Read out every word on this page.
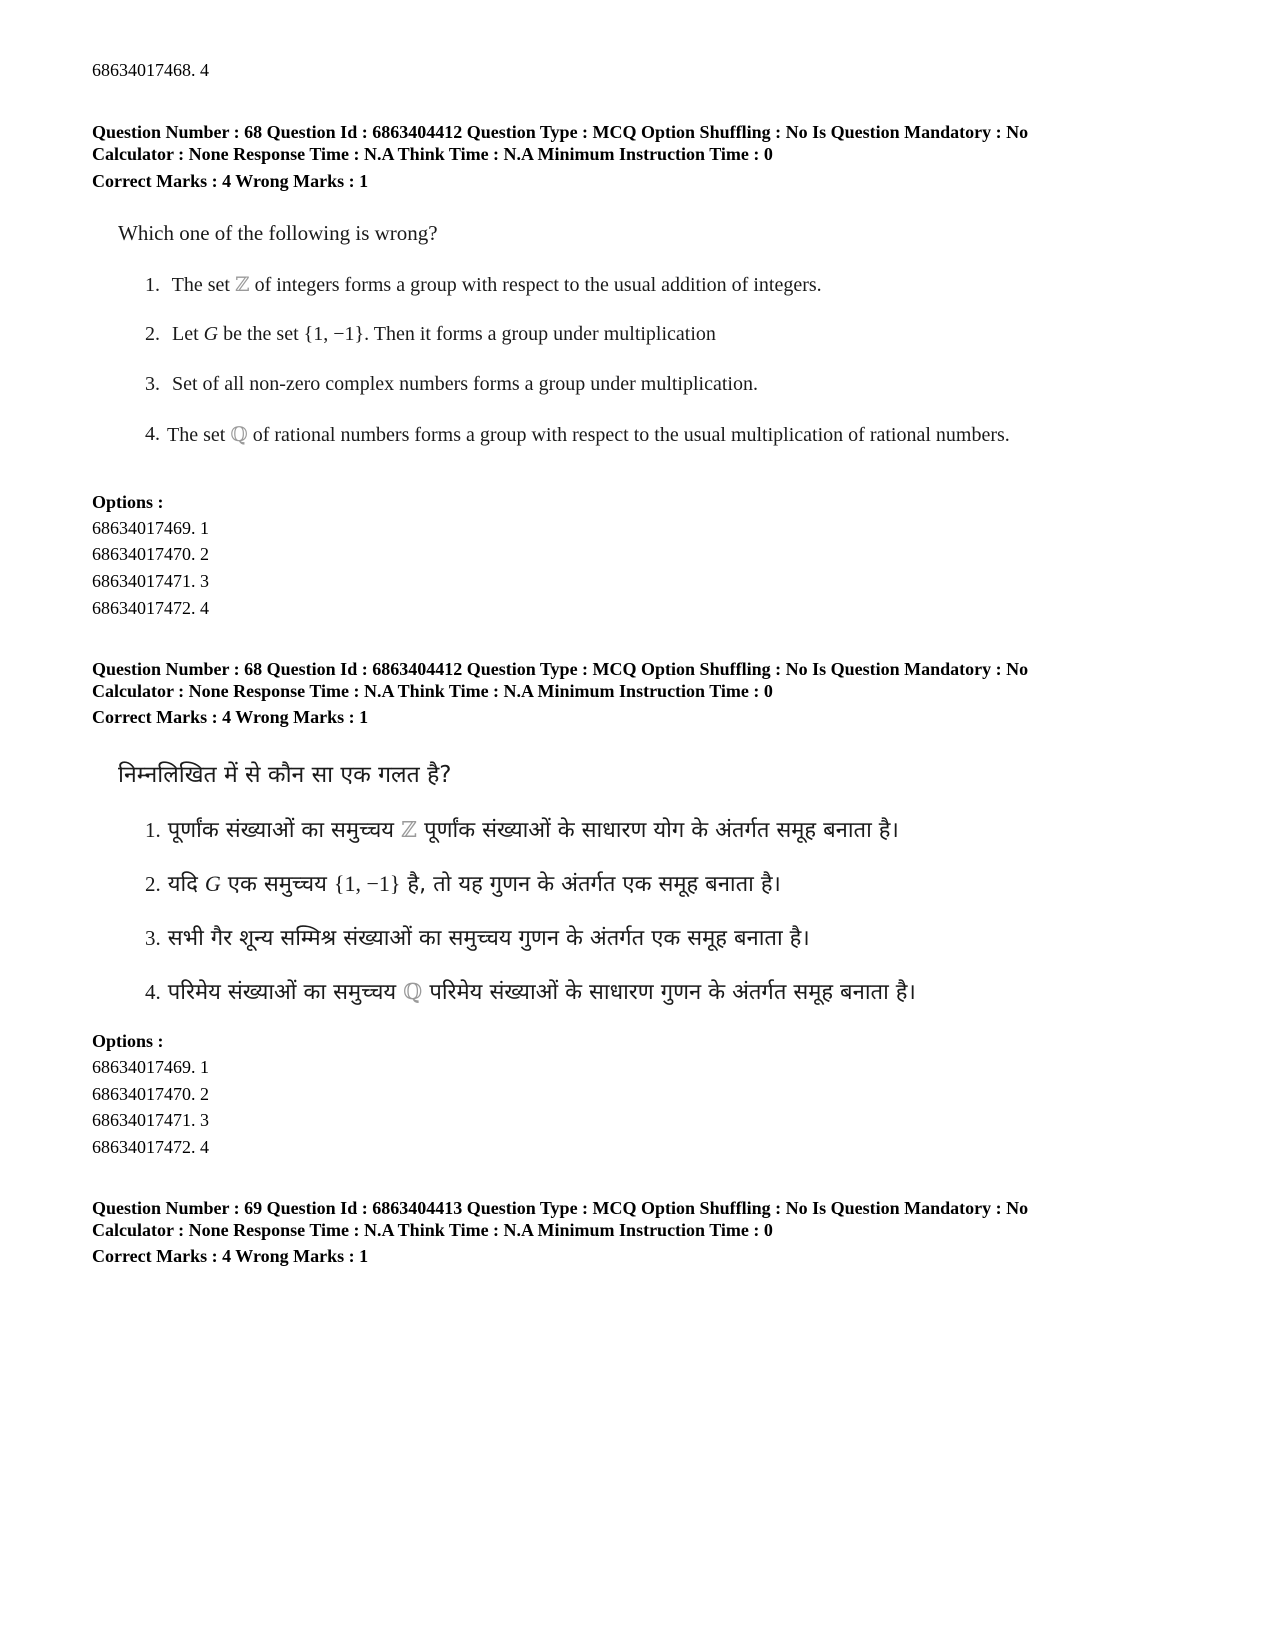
68634017468. 4
Question Number : 68 Question Id : 6863404412 Question Type : MCQ Option Shuffling : No Is Question Mandatory : No
Calculator : None Response Time : N.A Think Time : N.A Minimum Instruction Time : 0
Correct Marks : 4 Wrong Marks : 1
Which one of the following is wrong?
1. The set ℤ of integers forms a group with respect to the usual addition of integers.
2. Let G be the set {1, −1}. Then it forms a group under multiplication
3. Set of all non-zero complex numbers forms a group under multiplication.
4. The set ℚ of rational numbers forms a group with respect to the usual multiplication of rational numbers.
Options :
68634017469. 1
68634017470. 2
68634017471. 3
68634017472. 4
Question Number : 68 Question Id : 6863404412 Question Type : MCQ Option Shuffling : No Is Question Mandatory : No
Calculator : None Response Time : N.A Think Time : N.A Minimum Instruction Time : 0
Correct Marks : 4 Wrong Marks : 1
निम्नलिखित में से कौन सा एक गलत है?
1. पूर्णांक संख्याओं का समुच्चय ℤ पूर्णांक संख्याओं के साधारण योग के अंतर्गत समूह बनाता है।
2. यदि G एक समुच्चय {1, −1} है, तो यह गुणन के अंतर्गत एक समूह बनाता है।
3. सभी गैर शून्य सम्मिश्र संख्याओं का समुच्चय गुणन के अंतर्गत एक समूह बनाता है।
4. परिमेय संख्याओं का समुच्चय ℚ परिमेय संख्याओं के साधारण गुणन के अंतर्गत समूह बनाता है।
Options :
68634017469. 1
68634017470. 2
68634017471. 3
68634017472. 4
Question Number : 69 Question Id : 6863404413 Question Type : MCQ Option Shuffling : No Is Question Mandatory : No
Calculator : None Response Time : N.A Think Time : N.A Minimum Instruction Time : 0
Correct Marks : 4 Wrong Marks : 1
